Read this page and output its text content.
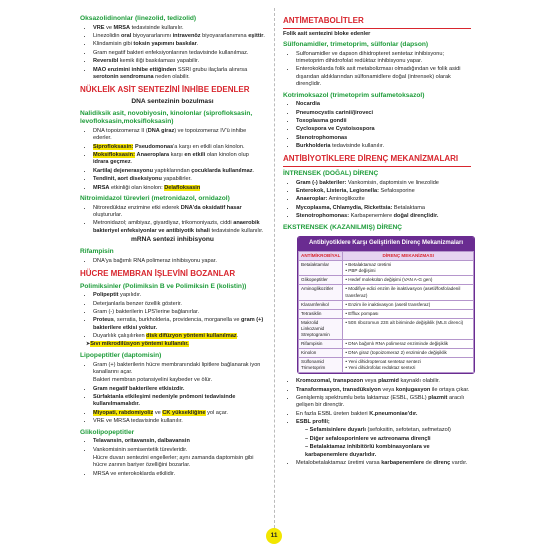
Oksazolidinonlar (linezolid, tedizolid)
• VRE ve MRSA tedavisinde kullanılır.
• Linezolidin oral biyoyararlanımı intravenöz biyoyararlanımına eşittir.
• Klindamisin gibi toksin yapımını baskılar.
• Gram negatif bakteri enfeksiyonlarının tedavisinde kullanılmaz.
• Reversibl kemik iliği baskılaması yapabilir.
• MAO enzimini inhibe ettiğinden SSRI grubu ilaçlarla alınırsa serotonin sendromuna neden olabilir.
NÜKLEİK ASİT SENTEZİNİ İNHİBE EDENLER
DNA sentezinin bozulması
Nalidiksik asit, novobiyosin, kinolonlar (siprofloksasin, levofloksasin,moksifloksasin)
• DNA topoizomeraz II (DNA giraz) ve topoizomeraz IV'ü inhibe ederler.
• Siprofloksasin: Pseudomonas'a karşı en etkili olan kinolon.
• Moksifloksasin: Anaeroplara karşı en etkili olan kinolon olup idrara geçmez.
• Kartilaj dejenerasyonu yaptıklarından çocuklarda kullanılmaz.
• Tendinit, aort diseksiyonu yapabilirler.
• MRSA etkinliği olan kinolon: Delafloksasin
Nitroimidazol türevleri (metronidazol, ornidazol)
• Nitroredüktaz enzimine etki ederek DNA'da oksidatif hasar oluştururlar.
• Metronidazol; amibiyaz, giyardiyaz, trikomoniyazis, ciddi anaerobik bakteriyel enfeksiyonlar ve antibiyotik ishali tedavisinde kullanılır.
mRNA sentezi inhibisyonu
Rifampisin
• DNA'ya bağımlı RNA polimeraz inhibisyonu yapar.
HÜCRE MEMBRAN İŞLEVİNİ BOZANLAR
Polimiksinler (Polimiksin B ve Polimiksin E (kolistin))
• Polipeptit yapılıdır.
• Deterjanlarla benzer özellik gösterir.
• Gram (-) bakterilerin LPS'lerine bağlanırlar.
• Proteus, serratia, burkholderia, providencia, morganella ve gram (+) bakterilere etkisi yoktur.
• Duyarlılık çalışılırken disk difüzyon yöntemi kullanılmaz.
➤ Sıvı mikrodilüsyon yöntemi kullanılır.
Lipopeptitler (daptomisin)
• Gram (+) bakterilerin hücre membranındaki lipitlere bağlanarak iyon kanallarını açar.

Bakteri membran potansiyelini kaybeder ve ölür.

• Gram negatif bakterilere etkisizdir.
• Sürfaktanla etkileşimi nedeniyle pnömoni tedavisinde kullanılmamalıdır.
• Miyopati, rabdomiyoliz ve CK yüksekliğine yol açar.
• VRE ve MRSA tedavisinde kullanılır.
Glikolipopeptitler
• Telavansin, oritavansin, dalbavansin
• Vankomisinin semisentetik türevleridir.

Hücre duvarı sentezini engellerler; aynı zamanda daptomisin gibi hücre zarının bariyer özelliğini bozarlar.

• MRSA ve enterokoklarda etkilidir.
ANTİMETABOLİTLER
Folik asit sentezini bloke edenler
Sülfonamidler, trimetoprim, sülfonlar (dapson)
• Sulfonamidler ve dapson dihidropteret sentetaz inhibisyonu; trimetoprim dihidrofolat redüktaz inhibisyonu yapar.
• Enterokoklarda folik asit metabolizması olmadığından ve folik asidi dışarıdan aldıklarından sülfonamidlere doğal (intrensek) olarak dirençlidir.
Kotrimoksazol (trimetoprim sulfametoksazol)
• Nocardia
• Pneumocystis carinii/jiroveci
• Toxoplasma gondii
• Cyclospora ve Cystoisospora
• Stenotrophomonas
• Burkholderia tedavisinde kullanılır.
ANTİBİYOTİKLERE DİRENÇ MEKANİZMALARI
İNTRENSEK (DOĞAL) DİRENÇ
• Gram (-) bakteriler: Vankomisin, daptomisin ve linezolide
• Enterokok, Listeria, Legionella: Sefalosporine
• Anaeroplar: Aminoglikozite
• Mycoplasma, Chlamydia, Rickettsia: Betalaktama
• Stenotrophomonas: Karbapenemlere doğal dirençlidir.
EKSTRENSEK (KAZANILMIŞ) DİRENÇ
Antibiyotiklere Karşı Geliştirilen Direnç Mekanizmaları
ANTİMİKROBİYAL	DİRENÇ MEKANİZMASI
Betalaktamlar	• Betalaktamaz üretimi
• PBP değişimi
Glikopeptitler	• Hedef molekülün değişimi (VAN A-G gen)
Aminoglikozitler	• Modifiye edici enzim ile inaktivasyon (asetil/fosfo/adenil transferaz)
Klaramfenikol	• Enzim ile inaktivasyon (asetil transferaz)
Tetrasiklin	• Efflux pompası
Makrolid
Linkozamid
Streptogramin	• 50S ribozomun 23S alt biriminde değişiklik (MLS direnci)
Rifampisin	• DNA bağımlı RNA polimeraz enziminde değişiklik
Kinolon	• DNA giraz (topoizomeraz 2) enziminde değişiklik
Sülfonamid
Trimetoprim	• Yeni dihidropteroat sentetaz sentezi
• Yeni dihidrofolat redüktaz sentezi
• Kromozomal, transpozon veya plazmid kaynaklı olabilir.
• Transformasyon, transdüksiyon veya konjugasyon ile ortaya çıkar.
• Genişlemiş spektrumlu beta laktamaz (ESBL, GSBL) plazmit aracılı gelişen bir dirençtir.
• En fazla ESBL üreten bakteri K.pneumoniae'dır.
• ESBL profili;
– Sefamisinlere duyarlı (sefoksitin, sefotetan, sefmetazol)
– Diğer sefalosporinlere ve aztreonama dirençli
– Betalaktamaz inhibitörlü kombinasyonlara ve karbapenemlere duyarlıdır.
• Metalobetalaktamaz üretimi varsa karbapenemlere de direnç vardır.
11
